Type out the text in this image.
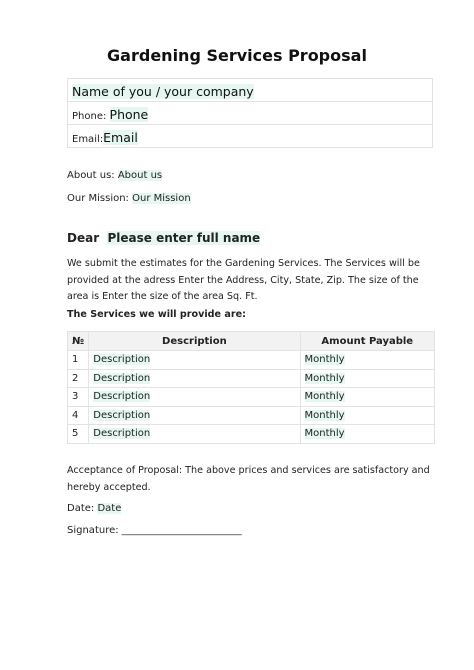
Gardening Services Proposal
Name of you / your company
Phone: Phone
Email:Email
About us: About us
Our Mission: Our Mission
Dear Please enter full name
We submit the estimates for the Gardening Services. The Services will be provided at the adress Enter the Address, City, State, Zip. The size of the area is Enter the size of the area Sq. Ft.
The Services we will provide are:
№	Description	Amount Payable
1	Description	Monthly
2	Description	Monthly
3	Description	Monthly
4	Description	Monthly
5	Description	Monthly
Acceptance of Proposal: The above prices and services are satisfactory and hereby accepted.
Date: Date
Signature: ________________________
